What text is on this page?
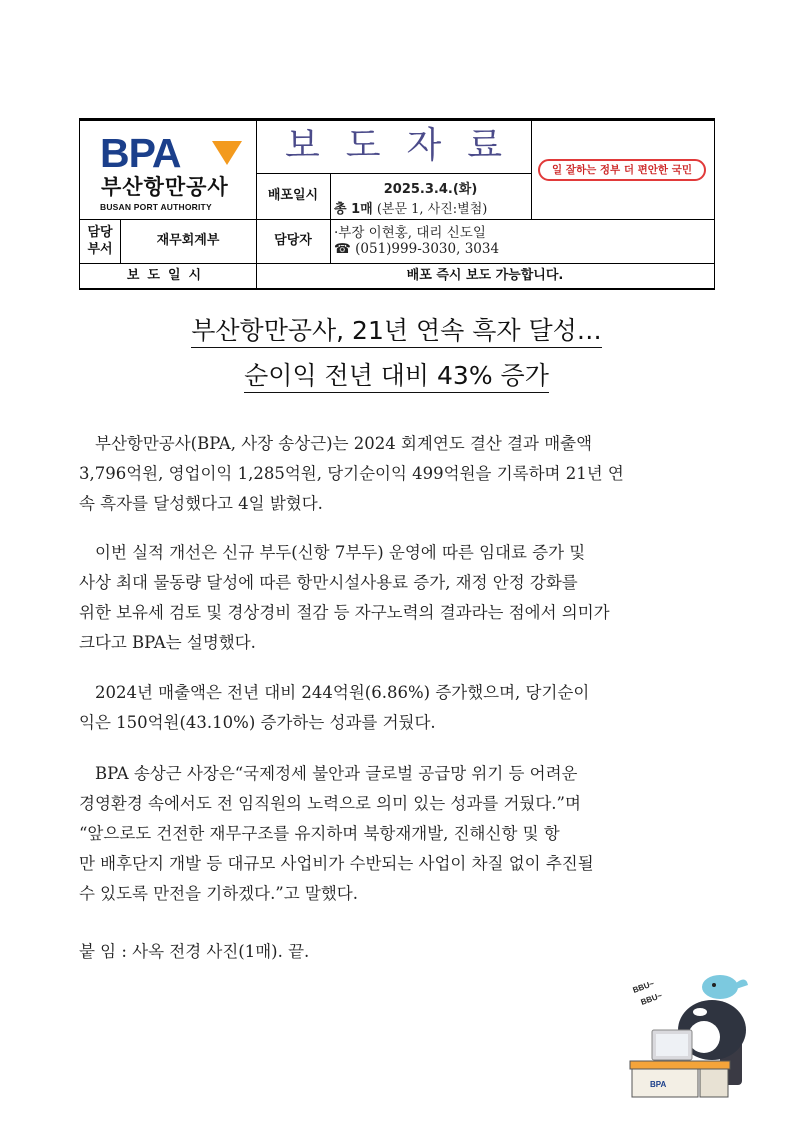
BPA
부산항만공사
BUSAN PORT AUTHORITY
보도자료
일 잘하는 정부 더 편안한 국민
배포일시	2025.3.4.(화)
총 1매 (본문 1, 사진:별첨)
담당
부서
재무회계부	담당자	·부장 이현홍, 대리 신도일
☎ (051)999-3030, 3034
보도일시	배포 즉시 보도 가능합니다.
부산항만공사, 21년 연속 흑자 달성…
순이익 전년 대비 43% 증가
부산항만공사(BPA, 사장 송상근)는 2024 회계연도 결산 결과 매출액
3,796억원, 영업이익 1,285억원, 당기순이익 499억원을 기록하며 21년 연
속 흑자를 달성했다고 4일 밝혔다.
이번 실적 개선은 신규 부두(신항 7부두) 운영에 따른 임대료 증가 및
사상 최대 물동량 달성에 따른 항만시설사용료 증가, 재정 안정 강화를
위한 보유세 검토 및 경상경비 절감 등 자구노력의 결과라는 점에서 의미가
크다고 BPA는 설명했다.
2024년 매출액은 전년 대비 244억원(6.86%) 증가했으며, 당기순이
익은 150억원(43.10%) 증가하는 성과를 거뒀다.
BPA 송상근 사장은“국제정세 불안과 글로벌 공급망 위기 등 어려운
경영환경 속에서도 전 임직원의 노력으로 의미 있는 성과를 거뒀다.”며
“앞으로도 건전한 재무구조를 유지하며 북항재개발, 진해신항 및 항
만 배후단지 개발 등 대규모 사업비가 수반되는 사업이 차질 없이 추진될
수 있도록 만전을 기하겠다.”고 말했다.
붙 임 : 사옥 전경 사진(1매). 끝.
BPA
BBU~
BBU~
